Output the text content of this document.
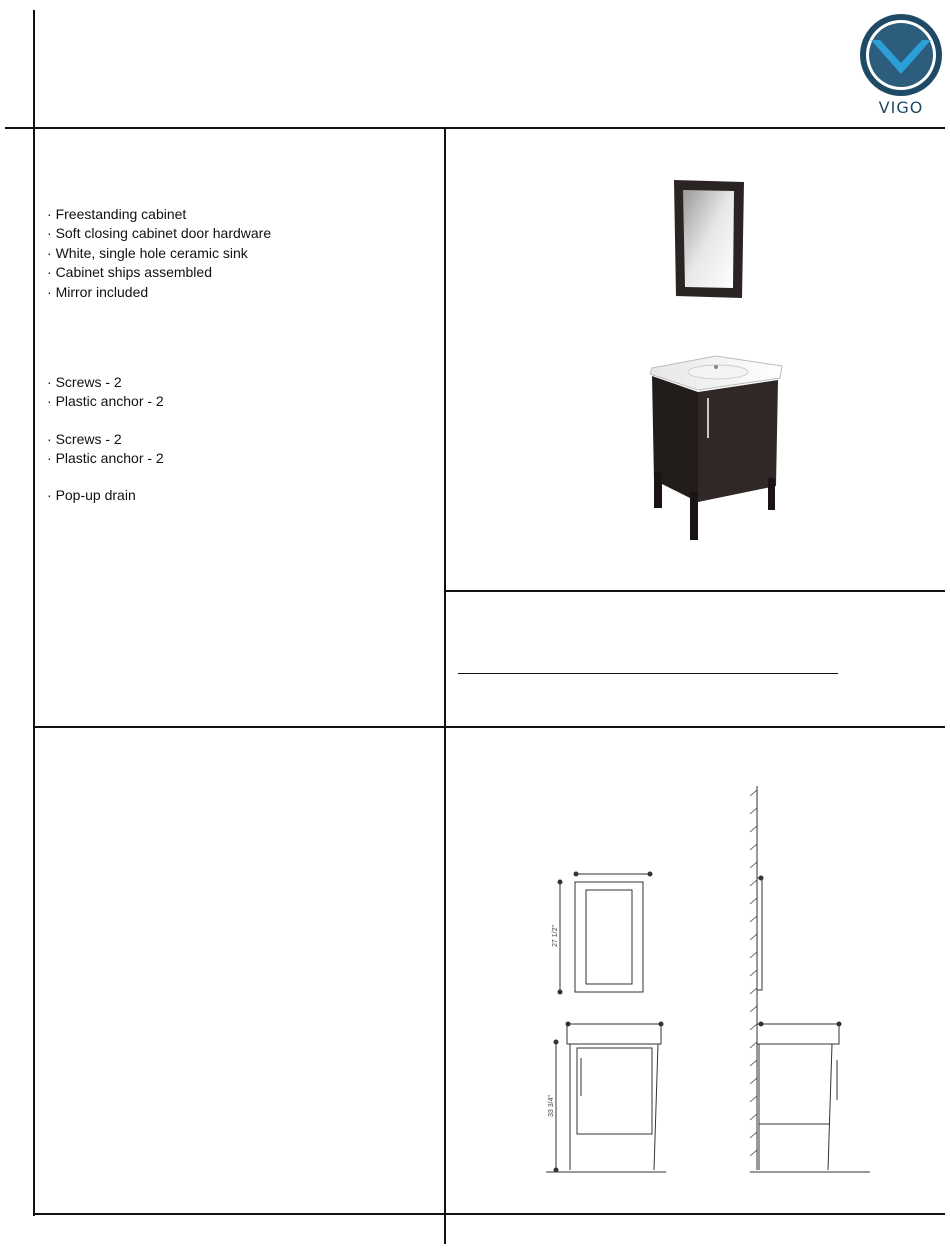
VIGO
· Freestanding cabinet
· Soft closing cabinet door hardware
· White, single hole ceramic sink
· Cabinet ships assembled
· Mirror included
· Screws - 2
· Plastic anchor - 2
· Screws - 2
· Plastic anchor - 2
· Pop-up drain
27 1/2"
33 3/4"
